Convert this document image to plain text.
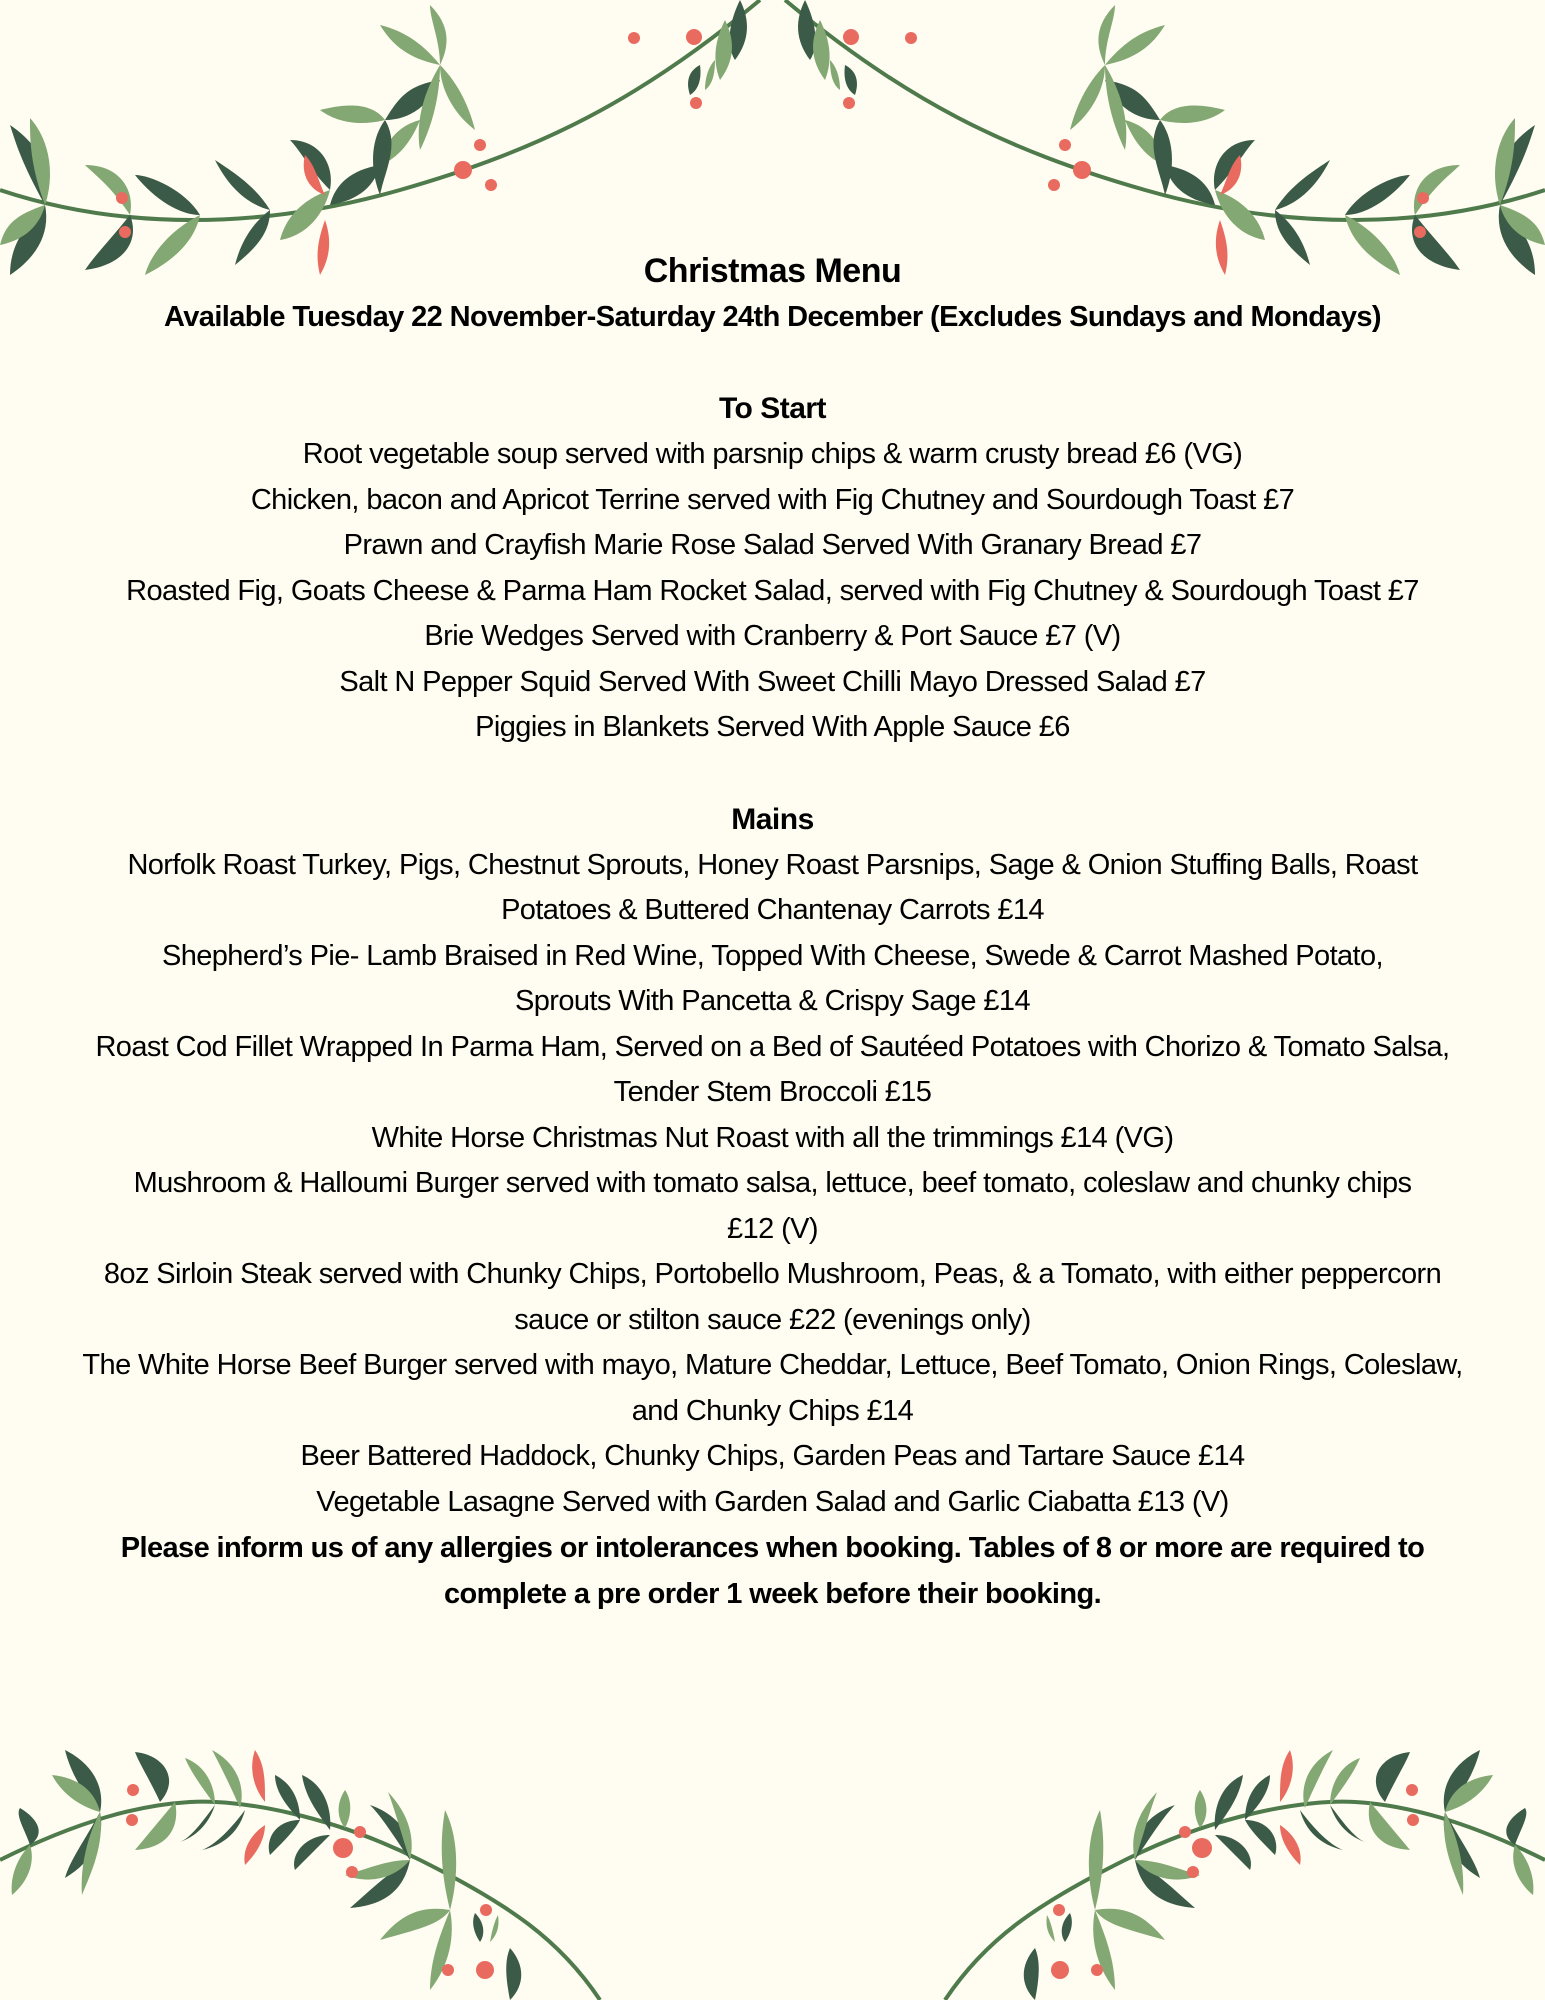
Christmas Menu

Available Tuesday 22 November-Saturday 24th December (Excludes Sundays and Mondays)

To Start

Root vegetable soup served with parsnip chips & warm crusty bread £6 (VG)

Chicken, bacon and Apricot Terrine served with Fig Chutney and Sourdough Toast £7

Prawn and Crayfish Marie Rose Salad Served With Granary Bread £7

Roasted Fig, Goats Cheese & Parma Ham Rocket Salad, served with Fig Chutney & Sourdough Toast £7

Brie Wedges Served with Cranberry & Port Sauce £7 (V)

Salt N Pepper Squid Served With Sweet Chilli Mayo Dressed Salad £7

Piggies in Blankets Served With Apple Sauce £6

Mains

Norfolk Roast Turkey, Pigs, Chestnut Sprouts, Honey Roast Parsnips, Sage & Onion Stuffing Balls, Roast Potatoes & Buttered Chantenay Carrots £14

Shepherd’s Pie- Lamb Braised in Red Wine, Topped With Cheese, Swede & Carrot Mashed Potato, Sprouts With Pancetta & Crispy Sage £14

Roast Cod Fillet Wrapped In Parma Ham, Served on a Bed of Sautéed Potatoes with Chorizo & Tomato Salsa, Tender Stem Broccoli £15

White Horse Christmas Nut Roast with all the trimmings £14 (VG)

Mushroom & Halloumi Burger served with tomato salsa, lettuce, beef tomato, coleslaw and chunky chips £12 (V)

8oz Sirloin Steak served with Chunky Chips, Portobello Mushroom, Peas, & a Tomato, with either peppercorn sauce or stilton sauce £22 (evenings only)

The White Horse Beef Burger served with mayo, Mature Cheddar, Lettuce, Beef Tomato, Onion Rings, Coleslaw, and Chunky Chips £14

Beer Battered Haddock, Chunky Chips, Garden Peas and Tartare Sauce £14

Vegetable Lasagne Served with Garden Salad and Garlic Ciabatta £13 (V)

Please inform us of any allergies or intolerances when booking. Tables of 8 or more are required to complete a pre order 1 week before their booking.
